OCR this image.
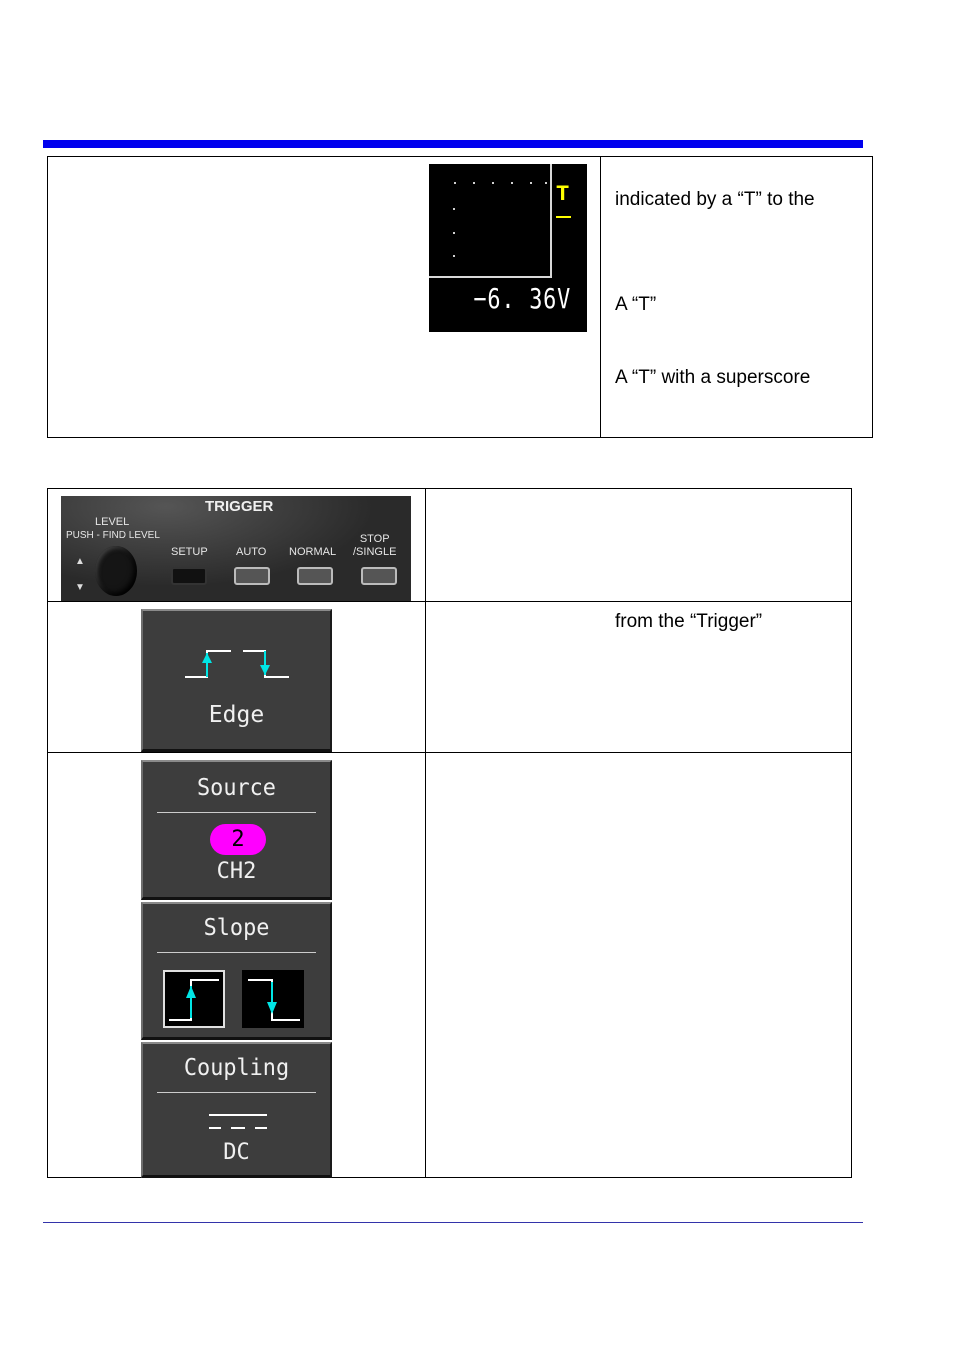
T
−6. 36V
indicated by a “T” to the
A “T”
A “T” with a superscore
TRIGGER
LEVEL
PUSH - FIND LEVEL
▲
▼
SETUP	AUTO NORMAL
STOP
/SINGLE
from the “Trigger”
Edge
Source
2
CH2
Slope
Coupling
DC
